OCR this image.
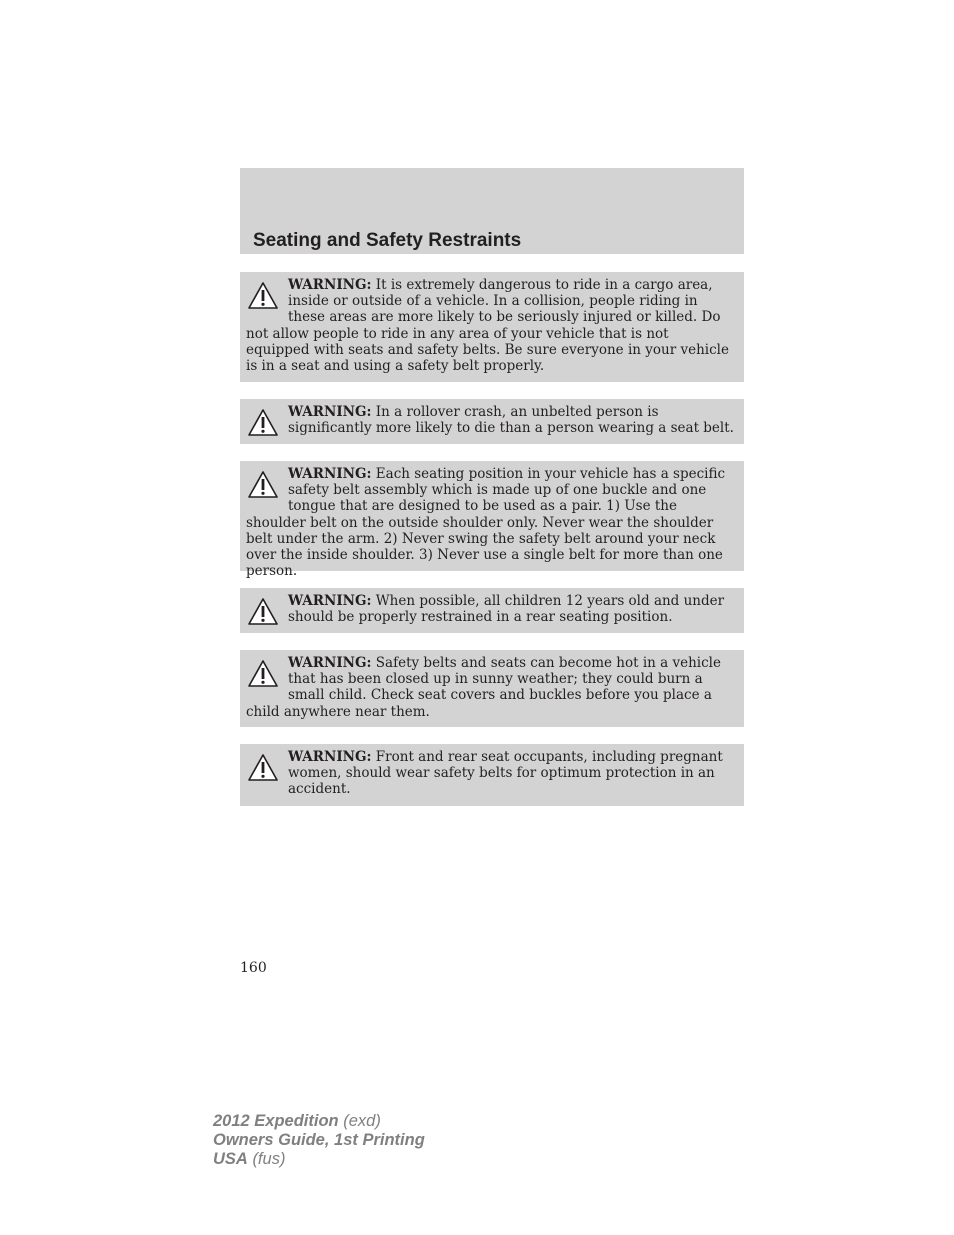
Seating and Safety Restraints
WARNING: It is extremely dangerous to ride in a cargo area, inside or outside of a vehicle. In a collision, people riding in these areas are more likely to be seriously injured or killed. Do not allow people to ride in any area of your vehicle that is not equipped with seats and safety belts. Be sure everyone in your vehicle is in a seat and using a safety belt properly.
WARNING: In a rollover crash, an unbelted person is significantly more likely to die than a person wearing a seat belt.
WARNING: Each seating position in your vehicle has a specific safety belt assembly which is made up of one buckle and one tongue that are designed to be used as a pair. 1) Use the shoulder belt on the outside shoulder only. Never wear the shoulder belt under the arm. 2) Never swing the safety belt around your neck over the inside shoulder. 3) Never use a single belt for more than one person.
WARNING: When possible, all children 12 years old and under should be properly restrained in a rear seating position.
WARNING: Safety belts and seats can become hot in a vehicle that has been closed up in sunny weather; they could burn a small child. Check seat covers and buckles before you place a child anywhere near them.
WARNING: Front and rear seat occupants, including pregnant women, should wear safety belts for optimum protection in an accident.
160
2012 Expedition (exd)
Owners Guide, 1st Printing
USA (fus)
